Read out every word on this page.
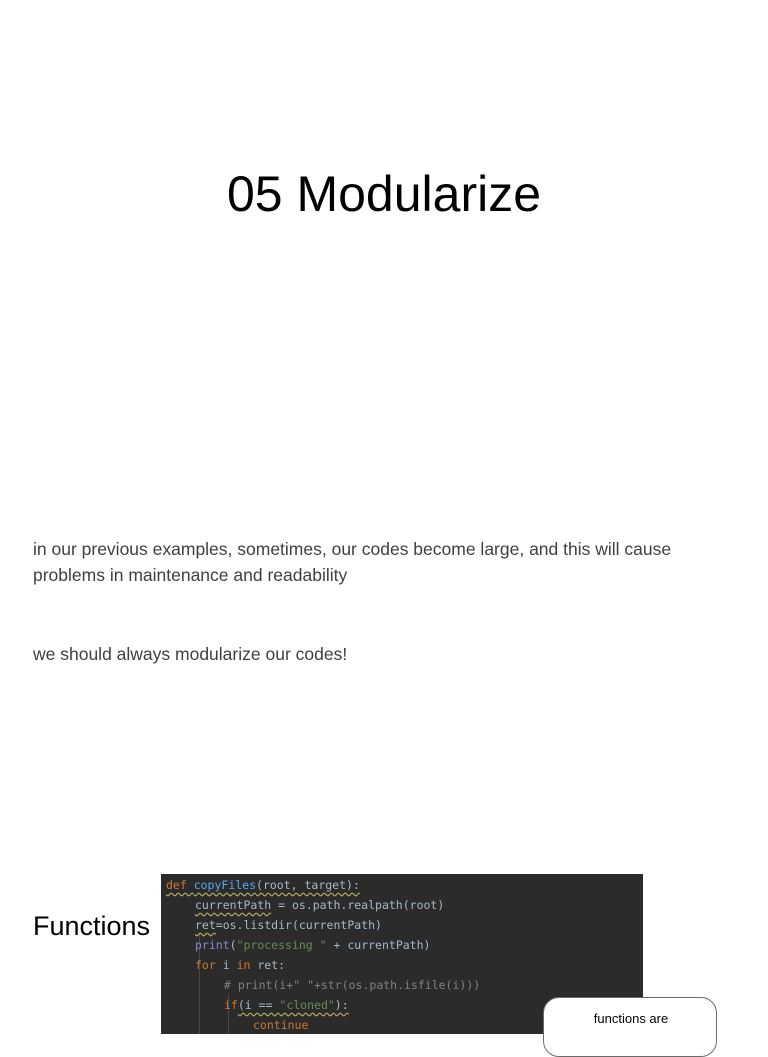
05 Modularize

in our previous examples, sometimes, our codes become large, and this will cause problems in maintenance and readability

we should always modularize our codes!

Functions

def copyFiles(root, target):
currentPath = os.path.realpath(root)
ret=os.listdir(currentPath)
print("processing " + currentPath)
for i in ret:
# print(i+" "+str(os.path.isfile(i)))
if(i == "cloned"):
continue	functions are
